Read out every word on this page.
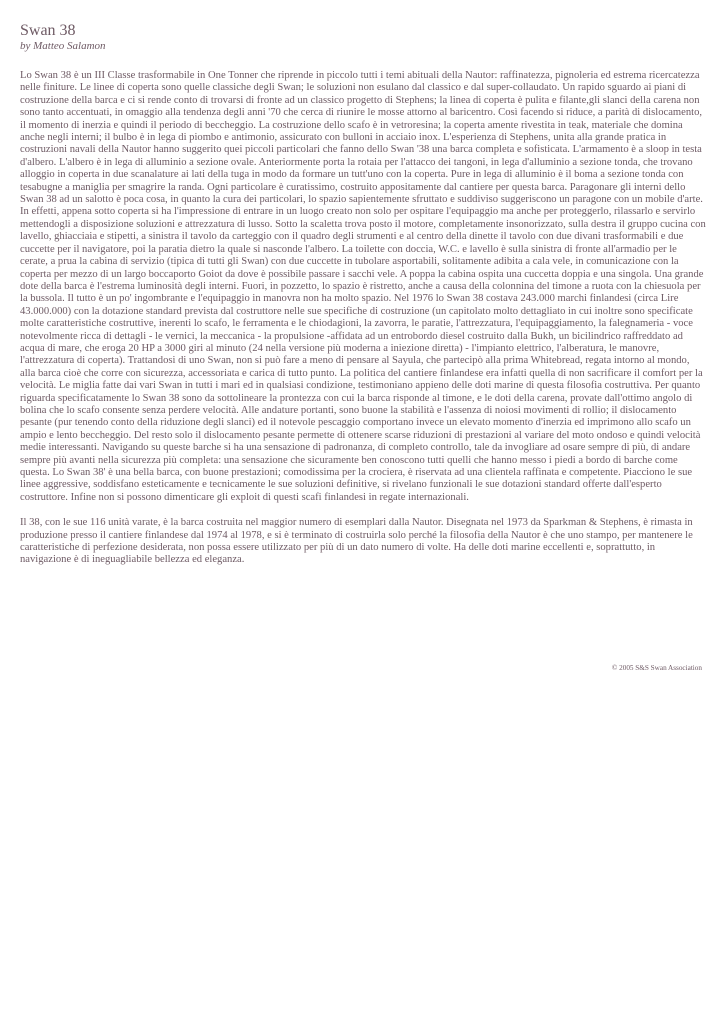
Swan 38
by Matteo Salamon

Lo Swan 38 è un III Classe trasformabile in One Tonner che riprende in piccolo tutti i temi abituali della Nautor: raffinatezza, pignoleria ed estrema ricercatezza nelle finiture. Le linee di coperta sono quelle classiche degli Swan; le soluzioni non esulano dal classico e dal super-collaudato. Un rapido sguardo ai piani di costruzione della barca e ci si rende conto di trovarsi di fronte ad un classico progetto di Stephens; la linea di coperta è pulita e filante,gli slanci della carena non sono tanto accentuati, in omaggio alla tendenza degli anni '70 che cerca di riunire le mosse attorno al baricentro. Così facendo si riduce, a parità di dislocamento, il momento di inerzia e quindi il periodo di beccheggio. La costruzione dello scafo è in vetroresina; la coperta amente rivestita in teak, materiale che domina anche negli interni; il bulbo è in lega di piombo e antimonio, assicurato con bulloni in acciaio inox. L'esperienza di Stephens, unita alla grande pratica in costruzioni navali della Nautor hanno suggerito quei piccoli particolari che fanno dello Swan '38 una barca completa e sofisticata. L'armamento è a sloop in testa d'albero. L'albero è in lega di alluminio a sezione ovale. Anteriormente porta la rotaia per l'attacco dei tangoni, in lega d'alluminio a sezione tonda, che trovano alloggio in coperta in due scanalature ai lati della tuga in modo da formare un tutt'uno con la coperta. Pure in lega di alluminio è il boma a sezione tonda con tesabugne a maniglia per smagrire la randa. Ogni particolare è curatissimo, costruito appositamente dal cantiere per questa barca. Paragonare gli interni dello Swan 38 ad un salotto è poca cosa, in quanto la cura dei particolari, lo spazio sapientemente sfruttato e suddiviso suggeriscono un paragone con un mobile d'arte. In effetti, appena sotto coperta si ha l'impressione di entrare in un luogo creato non solo per ospitare l'equipaggio ma anche per proteggerlo, rilassarlo e servirlo mettendogli a disposizione soluzioni e attrezzatura di lusso. Sotto la scaletta trova posto il motore, completamente insonorizzato, sulla destra il gruppo cucina con lavello, ghiacciaia e stipetti, a sinistra il tavolo da carteggio con il quadro degli strumenti e al centro della dinette il tavolo con due divani trasformabili e due cuccette per il navigatore, poi la paratia dietro la quale si nasconde l'albero. La toilette con doccia, W.C. e lavello è sulla sinistra di fronte all'armadio per le cerate, a prua la cabina di servizio (tipica di tutti gli Swan) con due cuccette in tubolare asportabili, solitamente adibita a cala vele, in comunicazione con la coperta per mezzo di un largo boccaporto Goiot da dove è possibile passare i sacchi vele. A poppa la cabina ospita una cuccetta doppia e una singola. Una grande dote della barca è l'estrema luminosità degli interni. Fuori, in pozzetto, lo spazio è ristretto, anche a causa della colonnina del timone a ruota con la chiesuola per la bussola. Il tutto è un po' ingombrante e l'equipaggio in manovra non ha molto spazio. Nel 1976 lo Swan 38 costava 243.000 marchi finlandesi (circa Lire 43.000.000) con la dotazione standard prevista dal costruttore nelle sue specifiche di costruzione (un capitolato molto dettagliato in cui inoltre sono specificate molte caratteristiche costruttive, inerenti lo scafo, le ferramenta e le chiodagioni, la zavorra, le paratie, l'attrezzatura, l'equipaggiamento, la falegnameria - voce notevolmente ricca di dettagli - le vernici, la meccanica - la propulsione -affidata ad un entrobordo diesel costruito dalla Bukh, un bicilindrico raffreddato ad acqua di mare, che eroga 20 HP a 3000 giri al minuto (24 nella versione più moderna a iniezione diretta) - l'impianto elettrico, l'alberatura, le manovre, l'attrezzatura di coperta). Trattandosi di uno Swan, non si può fare a meno di pensare al Sayula, che partecipò alla prima Whitebread, regata intorno al mondo, alla barca cioè che corre con sicurezza, accessoriata e carica di tutto punto. La politica del cantiere finlandese era infatti quella di non sacrificare il comfort per la velocità. Le miglia fatte dai vari Swan in tutti i mari ed in qualsiasi condizione, testimoniano appieno delle doti marine di questa filosofia costruttiva. Per quanto riguarda specificatamente lo Swan 38 sono da sottolineare la prontezza con cui la barca risponde al timone, e le doti della carena, provate dall'ottimo angolo di bolina che lo scafo consente senza perdere velocità. Alle andature portanti, sono buone la stabilità e l'assenza di noiosi movimenti di rollio; il dislocamento pesante (pur tenendo conto della riduzione degli slanci) ed il notevole pescaggio comportano invece un elevato momento d'inerzia ed imprimono allo scafo un ampio e lento beccheggio. Del resto solo il dislocamento pesante permette di ottenere scarse riduzioni di prestazioni al variare del moto ondoso e quindi velocità medie interessanti. Navigando su queste barche si ha una sensazione di padronanza, di completo controllo, tale da invogliare ad osare sempre di più, di andare sempre più avanti nella sicurezza più completa: una sensazione che sicuramente ben conoscono tutti quelli che hanno messo i piedi a bordo di barche come questa. Lo Swan 38' è una bella barca, con buone prestazioni; comodissima per la crociera, è riservata ad una clientela raffinata e competente. Piacciono le sue linee aggressive, soddisfano esteticamente e tecnicamente le sue soluzioni definitive, si rivelano funzionali le sue dotazioni standard offerte dall'esperto costruttore. Infine non si possono dimenticare gli exploit di questi scafi finlandesi in regate internazionali.

Il 38, con le sue 116 unità varate, è la barca costruita nel maggior numero di esemplari dalla Nautor. Disegnata nel 1973 da Sparkman & Stephens, è rimasta in produzione presso il cantiere finlandese dal 1974 al 1978, e si è terminato di costruirla solo perché la filosofia della Nautor è che uno stampo, per mantenere le caratteristiche di perfezione desiderata, non possa essere utilizzato per più di un dato numero di volte. Ha delle doti marine eccellenti e, soprattutto, in navigazione è di ineguagliabile bellezza ed eleganza.

© 2005 S&S Swan Association
